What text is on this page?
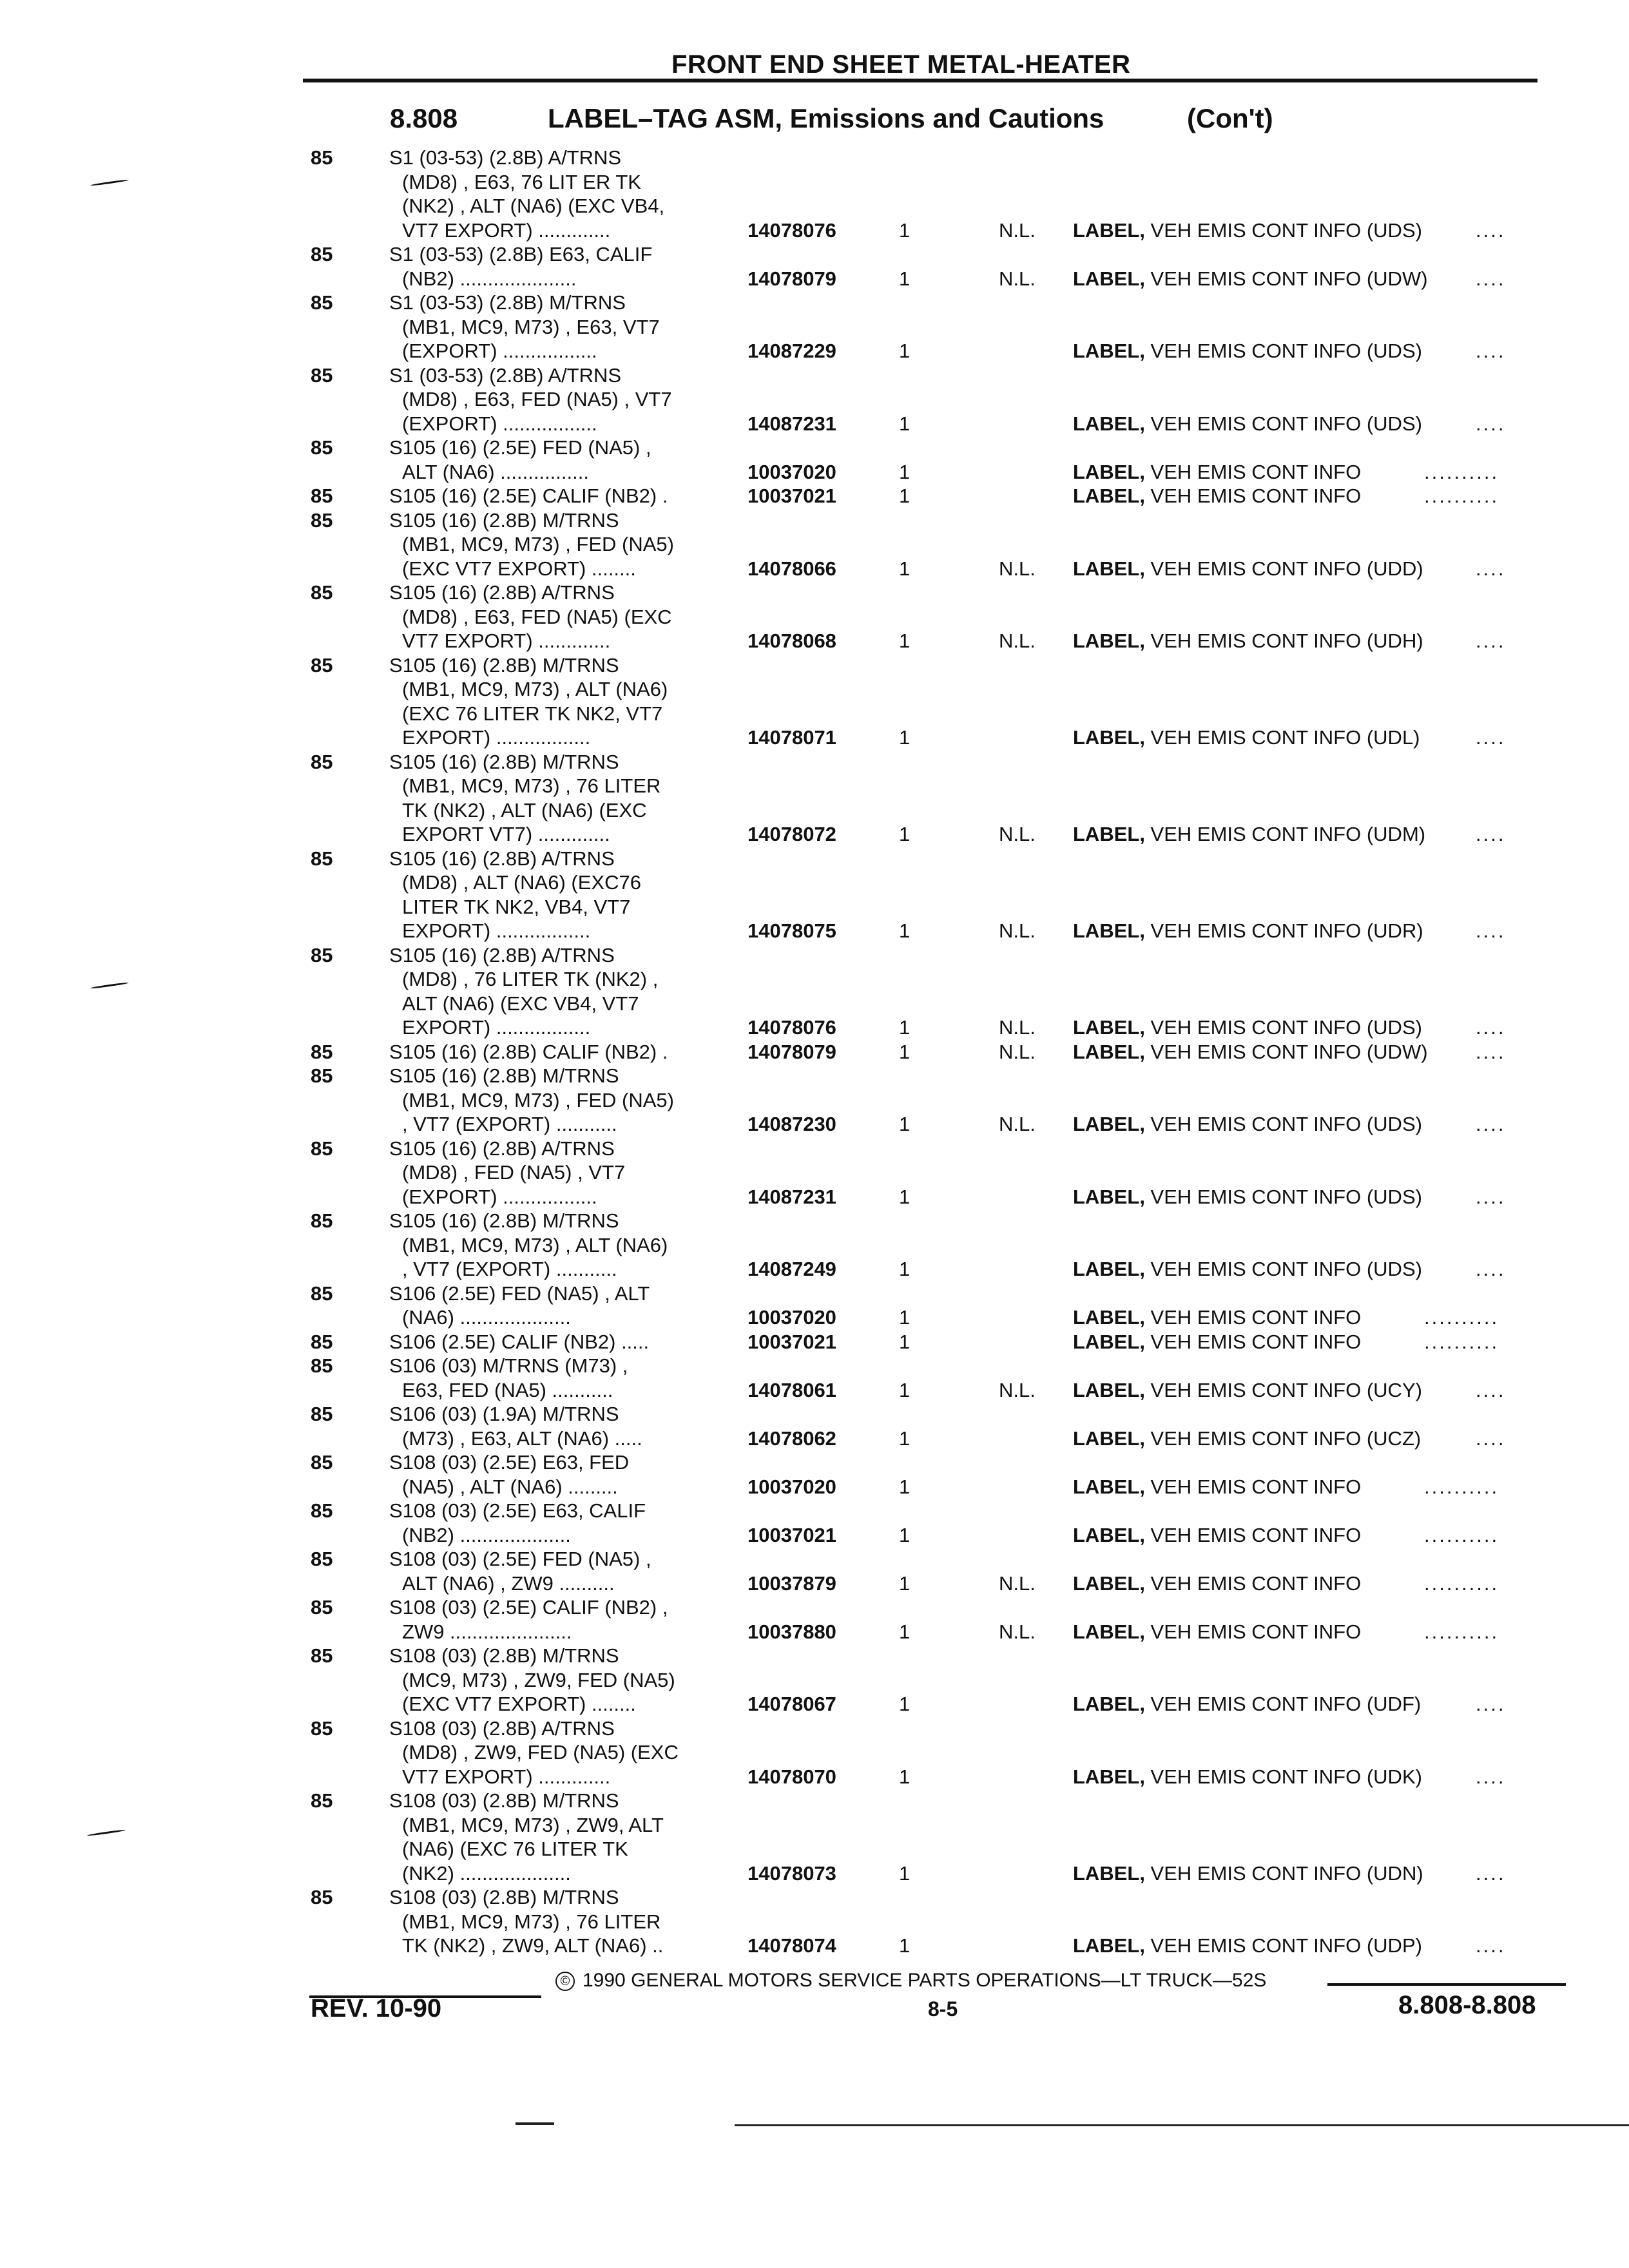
FRONT END SHEET METAL-HEATER
8.808	LABEL–TAG ASM, Emissions and Cautions	(Con't)
85	S1 (03-53) (2.8B) A/TRNS
(MD8) , E63, 76 LIT ER TK
(NK2) , ALT (NA6) (EXC VB4,
VT7 EXPORT) .............	14078076	1	N.L. LABEL, VEH EMIS CONT INFO (UDS)	....
85	S1 (03-53) (2.8B) E63, CALIF
(NB2) .....................	14078079	1	N.L. LABEL, VEH EMIS CONT INFO (UDW) ....
85	S1 (03-53) (2.8B) M/TRNS
(MB1, MC9, M73) , E63, VT7
(EXPORT) .................	14087229	1	LABEL, VEH EMIS CONT INFO (UDS)	....
85	S1 (03-53) (2.8B) A/TRNS
(MD8) , E63, FED (NA5) , VT7
(EXPORT) .................	14087231	1	LABEL, VEH EMIS CONT INFO (UDS)	....
85	S105 (16) (2.5E) FED (NA5) ,
ALT (NA6) ................	10037020	1	LABEL, VEH EMIS CONT INFO	..........
85	S105 (16) (2.5E) CALIF (NB2) .	10037021	1	LABEL, VEH EMIS CONT INFO	..........
85	S105 (16) (2.8B) M/TRNS
(MB1, MC9, M73) , FED (NA5)
(EXC VT7 EXPORT) ........	14078066	1	N.L. LABEL, VEH EMIS CONT INFO (UDD)	....
85	S105 (16) (2.8B) A/TRNS
(MD8) , E63, FED (NA5) (EXC
VT7 EXPORT) .............	14078068	1	N.L. LABEL, VEH EMIS CONT INFO (UDH)	....
85	S105 (16) (2.8B) M/TRNS
(MB1, MC9, M73) , ALT (NA6)
(EXC 76 LITER TK NK2, VT7
EXPORT) .................	14078071	1	LABEL, VEH EMIS CONT INFO (UDL)	....
85	S105 (16) (2.8B) M/TRNS
(MB1, MC9, M73) , 76 LITER
TK (NK2) , ALT (NA6) (EXC
EXPORT VT7) .............	14078072	1	N.L. LABEL, VEH EMIS CONT INFO (UDM)	....
85	S105 (16) (2.8B) A/TRNS
(MD8) , ALT (NA6) (EXC76
LITER TK NK2, VB4, VT7
EXPORT) .................	14078075	1	N.L. LABEL, VEH EMIS CONT INFO (UDR)	....
85	S105 (16) (2.8B) A/TRNS
(MD8) , 76 LITER TK (NK2) ,
ALT (NA6) (EXC VB4, VT7
EXPORT) .................	14078076	1	N.L. LABEL, VEH EMIS CONT INFO (UDS)	....
85	S105 (16) (2.8B) CALIF (NB2) .	14078079	1	N.L. LABEL, VEH EMIS CONT INFO (UDW) ....
85	S105 (16) (2.8B) M/TRNS
(MB1, MC9, M73) , FED (NA5)
, VT7 (EXPORT) ...........	14087230	1	N.L. LABEL, VEH EMIS CONT INFO (UDS)	....
85	S105 (16) (2.8B) A/TRNS
(MD8) , FED (NA5) , VT7
(EXPORT) .................	14087231	1	LABEL, VEH EMIS CONT INFO (UDS)	....
85	S105 (16) (2.8B) M/TRNS
(MB1, MC9, M73) , ALT (NA6)
, VT7 (EXPORT) ...........	14087249	1	LABEL, VEH EMIS CONT INFO (UDS)	....
85	S106 (2.5E) FED (NA5) , ALT
(NA6) ....................	10037020	1	LABEL, VEH EMIS CONT INFO	..........
85	S106 (2.5E) CALIF (NB2) .....	10037021	1	LABEL, VEH EMIS CONT INFO	..........
85	S106 (03) M/TRNS (M73) ,
E63, FED (NA5) ...........	14078061	1	N.L. LABEL, VEH EMIS CONT INFO (UCY)	....
85	S106 (03) (1.9A) M/TRNS
(M73) , E63, ALT (NA6) .....	14078062	1	LABEL, VEH EMIS CONT INFO (UCZ)	....
85	S108 (03) (2.5E) E63, FED
(NA5) , ALT (NA6) .........	10037020	1	LABEL, VEH EMIS CONT INFO	..........
85	S108 (03) (2.5E) E63, CALIF
(NB2) ....................	10037021	1	LABEL, VEH EMIS CONT INFO	..........
85	S108 (03) (2.5E) FED (NA5) ,
ALT (NA6) , ZW9 ..........	10037879	1	N.L. LABEL, VEH EMIS CONT INFO	..........
85	S108 (03) (2.5E) CALIF (NB2) ,
ZW9 ......................	10037880	1	N.L. LABEL, VEH EMIS CONT INFO	..........
85	S108 (03) (2.8B) M/TRNS
(MC9, M73) , ZW9, FED (NA5)
(EXC VT7 EXPORT) ........	14078067	1	LABEL, VEH EMIS CONT INFO (UDF)	....
85	S108 (03) (2.8B) A/TRNS
(MD8) , ZW9, FED (NA5) (EXC
VT7 EXPORT) .............	14078070	1	LABEL, VEH EMIS CONT INFO (UDK)	....
85	S108 (03) (2.8B) M/TRNS
(MB1, MC9, M73) , ZW9, ALT
(NA6) (EXC 76 LITER TK
(NK2) ....................	14078073	1	LABEL, VEH EMIS CONT INFO (UDN)	....
85	S108 (03) (2.8B) M/TRNS
(MB1, MC9, M73) , 76 LITER
TK (NK2) , ZW9, ALT (NA6) ..	14078074	1	LABEL, VEH EMIS CONT INFO (UDP)	....
© 1990 GENERAL MOTORS SERVICE PARTS OPERATIONS—LT TRUCK—52S
REV. 10-90	8-5	8.808-8.808
